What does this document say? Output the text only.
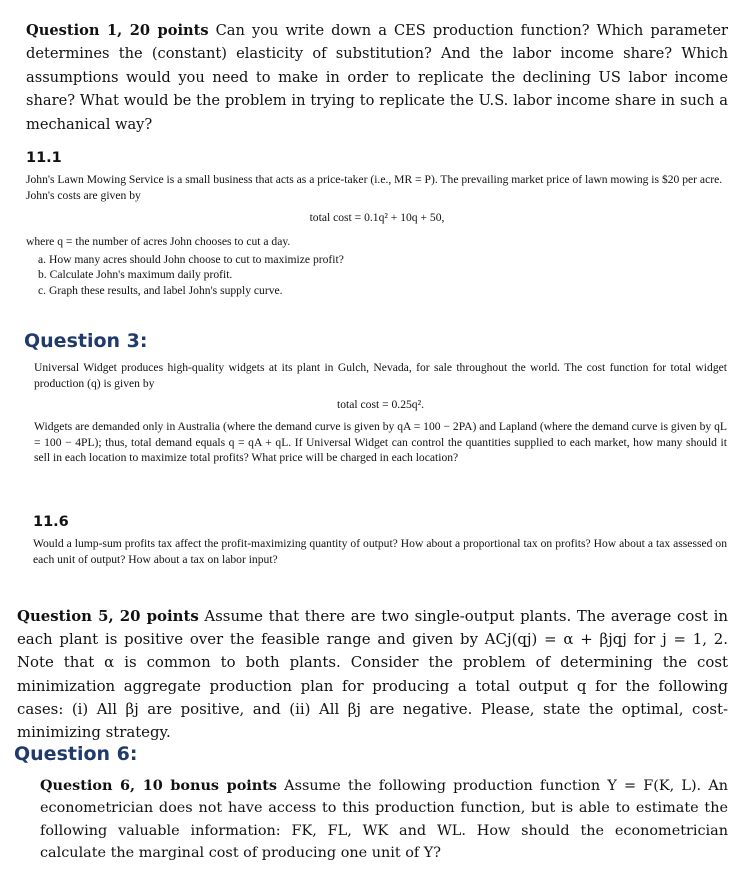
Question 1, 20 points Can you write down a CES production function? Which parameter determines the (constant) elasticity of substitution? And the labor income share? Which assumptions would you need to make in order to replicate the declining US labor income share? What would be the problem in trying to replicate the U.S. labor income share in such a mechanical way?

11.1

John's Lawn Mowing Service is a small business that acts as a price-taker (i.e., MR = P). The prevailing market price of lawn mowing is $20 per acre. John's costs are given by

total cost = 0.1q² + 10q + 50,

where q = the number of acres John chooses to cut a day.

a. How many acres should John choose to cut to maximize profit?

b. Calculate John's maximum daily profit.

c. Graph these results, and label John's supply curve.

Question 3:

Universal Widget produces high-quality widgets at its plant in Gulch, Nevada, for sale throughout the world. The cost function for total widget production (q) is given by

total cost = 0.25q².

Widgets are demanded only in Australia (where the demand curve is given by qA = 100 − 2PA) and Lapland (where the demand curve is given by qL = 100 − 4PL); thus, total demand equals q = qA + qL. If Universal Widget can control the quantities supplied to each market, how many should it sell in each location to maximize total profits? What price will be charged in each location?

11.6

Would a lump-sum profits tax affect the profit-maximizing quantity of output? How about a proportional tax on profits? How about a tax assessed on each unit of output? How about a tax on labor input?

Question 5, 20 points Assume that there are two single-output plants. The average cost in each plant is positive over the feasible range and given by ACj(qj) = α + βjqj for j = 1, 2. Note that α is common to both plants. Consider the problem of determining the cost minimization aggregate production plan for producing a total output q for the following cases: (i) All βj are positive, and (ii) All βj are negative. Please, state the optimal, cost-minimizing strategy.

Question 6:

Question 6, 10 bonus points Assume the following production function Y = F(K, L). An econometrician does not have access to this production function, but is able to estimate the following valuable information: FK, FL, WK and WL. How should the econometrician calculate the marginal cost of producing one unit of Y?
